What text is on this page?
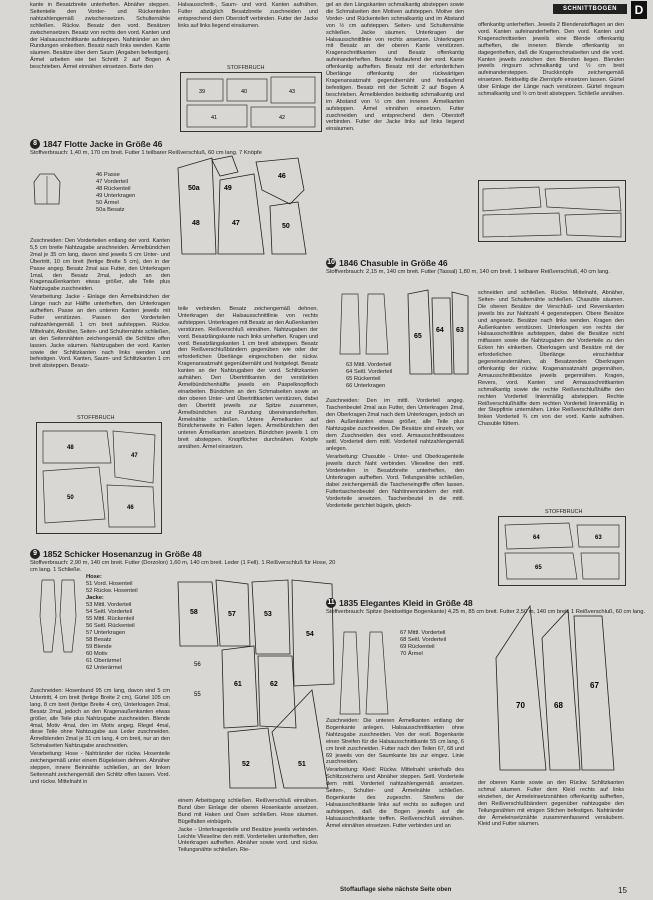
SCHNITTBOGEN	D

kante in Besatzbreite unterheften. Abnäher steppen. Seitenteile den Vorder- und Rückenteilen nahtzahlengemäß zwischensetzen. Schulternähte schließen. Rückw. Besatz den vord. Besätzen zwischensetzen. Besatz von rechts den vord. Kanten und der Halsausschnittkante aufsteppen. Nahtränder an den Rundungen einkerben. Besatz nach links wenden. Kante säumen. Besätze über dem Saum (Angaben befestigen). Ärmel arbeiten wie bei Schnitt 2 auf Bogen A beschrieben. Ärmel einnähen einsetzen. Borte den

8 1847 Flotte Jacke in Größe 46
Stoffverbrauch: 1,40 m, 170 cm breit. Futter 1 teilbarer Reißverschluß, 60 cm lang. 7 Knöpfe
46 Passe
47 Vorderteil
48 Rückenteil
49 Unterkragen
50 Ärmel
50a Besatz
50a	49
48	47
46
50

Zuschneiden: Den Vorderteilen entlang der vord. Kanten 5,5 cm breite Nahtzugabe anschneiden. Ärmelbündchen 2mal je 35 cm lang, davon sind jeweils 5 cm Unter- und Übertritt, 10 cm breit (fertige Breite 5 cm), den in der Passe angeg. Besatz 2mal aus Futter, den Unterkragen 1mal, den Besatz 2mal, jedoch an den Kragenaußenkanten etwas größer, alle Teile plus Nahtzugabe zuschneiden.

Verarbeitung: Jacke - Einlage den Ärmelbündchen der Länge nach zur Hälfte unterheften, den Unterkragen aufheften. Passe an den unteren Kanten jeweils mit Futter verstürzen. Passen den Vorderteilen nahtzahlengemäß 1 cm breit aufsteppen. Rückw. Mittelnaht, Abnäher, Seiten- und Schulternähte schließen, an den Seitennähten zeichengemäß die Schlitze offen lassen. Jacke säumen. Nahtzugaben der vord. Kanten sowie der Schlitzkanten nach links wenden und befestigen. Vord. Kanten, Saum- und Schlitzkanten 1 cm breit absteppen. Besatz-

STOFFBRUCH
48
47
50
46
9 1852 Schicker Hosenanzug in Größe 48
Stoffverbrauch: 2,90 m, 140 cm breit. Futter (Dorzolon) 1,60 m, 140 cm breit. Leder (1 Fell). 1 Reißverschluß für Hose, 20 cm lang. 1 Schließe.
Hose:
51 Vord. Hosenteil
52 Rückw. Hosenteil
Jacke:
53 Mittl. Vorderteil
54 Seitl. Vorderteil
55 Mittl. Rückenteil
56 Seitl. Rückenteil
57 Unterkragen
58 Besatz
59 Blende
60 Motiv
61 Oberärmel
62 Unterärmel

Zuschneiden: Hosenbund 95 cm lang, davon sind 5 cm Untertritt, 4 cm breit (fertige Breite 2 cm), Gürtel 105 cm lang, 8 cm breit (fertige Breite 4 cm), Unterkragen 2mal, Besatz 2mal, jedoch an den Kragenaußenkanten etwas größer, alle Teile plus Nahtzugabe zuschneiden. Blende 4mal, Motiv 4mal, den im Motiv angeg. Riegel 4mal, diese Teile ohne Nahtzugabe aus Leder zuschneiden. Ärmelblenden 2mal je 31 cm lang, 4 cm breit, nur an den Schmalseiten Nahtzugabe anschneiden.

Verarbeitung: Hose - Nahtränder der rückw. Hosenteile zeichengemäß unter einem Bügeleisen dehnen. Abnäher steppen, innere Beinnähte schließen, an der linken Seitennaht zeichengemäß den Schlitz offen lassen. Vord. und rückw. Mittelnaht in

Halsausschnitt-, Saum- und vord. Kanten aufnähen. Futter abzüglich Besatzbreite zuschneiden und entsprechend dem Oberstoff verbinden. Futter der Jacke links auf links liegend einsäumen.

STOFFBRUCH
39	40	43
41	42

teile verbinden. Besatz zeichengemäß dehnen. Unterkragen der Halsausschnittlinie von rechts aufsteppen. Unterkragen mit Besatz an den Außenkanten verstürzen. Reißverschluß einnähen. Nahtzugaben der vord. Besatzlängskante nach links umheften. Kragen und vord. Besatzlängskanten 1 cm breit absteppen. Besatz den Reißverschlußbändern gegenüben wie oder der erforderlichen Überlänge eingeschoben der rückw. Kragenansatznaht gegenübernäht und festgelegt. Besatz kanten an der Nahtzugaben der vord. Schlitzkanten aufnähen. Den Übertrittkanten der verstärkten Ärmelbündchenhälfte jeweils ein Paspelknopfloch einarbeiten. Bündchen an den Schmalseiten sowie an den oberen Unter- und Übertrittkanten verstürzen, dabei den Übertritt jeweils zur Spitze zusammen, Ärmelbündchen zur Rundung übereinanderheften. Ärmelnähte schließen. Untere Ärmelkanten auf Bündchenweite in Falten legen. Ärmelbündchen den unteren Ärmelkanten ansetzen. Bündchen jeweils 1 cm breit absteppen. Knopflöcher durchnähen. Knöpfe annähen. Ärmel einsetzen.

58	57	53
54
61	62
52	51
56
55

einem Arbeitsgang schließen. Reißverschluß einnähen. Bund über Einlage der oberen Hosenkante ansetzen. Bund mit Haken und Ösen schließen. Hose säumen. Bügelfalten einbügeln.

Jacke - Unterkragenteile und Besätze jeweils verbinden. Leichte Vlieseline den mittl. Vorderteilen unterheften, den Unterkragen aufheften. Abnäher sowie vord. und rückw. Teilungsnähte schließen. Rie-

gel an den Längskanten schmalkantig absteppen sowie die Schmalseiten den Motiven aufsteppen. Motive den Vorder- und Rückenteilen schmalkantig und im Abstand von ½ cm aufsteppen. Seiten- und Schulternähte schließen. Jacke säumen. Unterkragen der Halsausschnittlinie von rechts ansetzen. Unterkragen mit Besatz an der oberen Kante verstürzen. Kragenschnittkanten und Besatz offenkantig aufeinanderheften. Besatz festlaufend der vord. Kante offenkantig aufheften. Besatz mit der erforderlichen Überlänge offenkantig der rückwärtigen Kragenansatznaht gegenübernäht und festlaufend befestigen. Besatz mit der Schnitt 2 auf Bogen A beschrieben. Ärmelblenden beidseitig schmalkantig und im Abstand von ½ cm den inneren Ärmelkanten aufsteppen. Ärmel einnähen einsetzen. Futter zuschneiden und entsprechend dem Oberstoff verbinden. Futter der Jacke links auf links liegend einsäumen.

10 1846 Chasuble in Größe 46
Stoffverbrauch: 2,15 m, 140 cm breit. Futter (Tassal) 1,80 m, 140 cm breit. 1 teilbarer Reißverschluß, 40 cm lang.
65
64 63
63 Mittl. Vorderteil
64 Seitl. Vorderteil
65 Rückenteil
66 Unterkragen

Zuschneiden: Den im mittl. Vorderteil angeg. Taschenbeutel 2mal aus Futter, den Unterkragen 2mal, den Oberkragen 2mal nach dem Unterkragen, jedoch an den Außenkanten etwas größer, alle Teile plus Nahtzugabe zuschneiden. Die Besätze sind einzeln, vor dem Zuschneiden des vord. Armausschnittbesatzes seitl. Vorderteil dem mittl. Vorderteil nahtzahlengemäß anlegen.

Verarbeitung: Chasuble - Unter- und Oberkragenteile jeweils durch Naht verbinden. Vlieseline den mittl. Vorderteilen in Besatzbreite unterheften, den Unterkragen aufheften. Vord. Teilungsnähte schließen, dabei zeichengemäß die Tascheneingriffe offen lassen. Futtertaschenbeutel den Nahtinnenrändern der mittl. Vorderteile ansetzen. Taschenbeutel in die mittl. Vorderteile gerichtet bügeln, gleich-

11 1835 Elegantes Kleid in Größe 48
Stoffverbrauch: Spitze (beidseitige Bogenkante) 4,25 m, 85 cm breit. Futter 2,50 m, 140 cm breit. 1 Reißverschluß, 60 cm lang.
67 Mittl. Vorderteil
68 Seitl. Vorderteil
69 Rückenteil
70 Ärmel

Zuschneiden: Die unteren Ärmelkanten entlang der Bogenkante anlegen. Halsausschnittkanten ohne Nahtzugabe zuschneiden. Von der restl. Bogenkante einen Streifen für die Halsausschnittkante 55 cm lang, 6 cm breit zuschneiden. Futter nach den Teilen 67, 68 und 69 jeweils von der Saumkante bis zur eingez. Linie zuschneiden.

Verarbeitung: Kleid: Rückw. Mittelnaht unterhalb des Schlitzzeichens und Abnäher steppen. Seitl. Vorderteile dem mittl. Vorderteil nahtzahlengemäß ansetzen. Seiten-, Schulter- und Ärmelnähte schließen. Bogenkante des zugeschn. Streifens der Halsausschnittkante links auf rechts so auflegen und aufsteppen, daß die Bogen jeweils auf die Halsausschnittkante treffen. Reißverschluß einnähen. Ärmel einnähen einsetzen. Futter verbinden und an

offenkantig unterheften. Jeweils 2 Blendenstoffiagen an den vord. Kanten aufeinanderheften. Den vord. Kanten und Kragenschnittseiten jeweils eine Blende offenkantig aufheften, die inneren Blende offenkantig so dagegenheften, daß die Kragenschmalseiten und die vord. Kanten jeweils zwischen den Blenden liegen. Blenden jeweils ringsum schmalkantig und ½ cm breit aufeinandersteppen. Druckknöpfe zeichengemäß einsetzen. Beidseitig die Ziernöpfe einsetzen lassen. Gürtel über Einlage der Länge nach verstürzen. Gürtel ringsum schmalkantig und ½ cm breit absteppen. Schließe annähen.

schneiden und schließen. Rückw. Mittelnaht, Abnäher, Seiten- und Schulternähte schließen. Chasuble säumen. Die oberen Besätze der Verschluß- und Reverskanten jeweils bis zur Nahtzahl 4 gegensteppen. Obere Besätze und angesetz. Besätze nach links wenden. Kragen den Außenkanten verstürzen. Unterkragen von rechts der Halsausschnittlinie aufsteppen, dabei die Besätze nicht mitfassen sowie die Nahtzugaben der Vorderteile zu den Ecken hin einkerben. Oberkragen und Besätze mit der erforderlichen Überlänge einschiebbar gegeneinandernähen, ab Besatzenden Oberkragen offenkantig der rückw. Kragenansatznaht gegennähen, Armausschnittbesätze jeweils gegennähen. Kragen, Revers, vord. Kanten und Armausschnittkanten schmalkantig sowie die rechte Reißverschlußhälfte den rechten Vorderteil linienmäßig absteppen. Rechte Reißverschlußhälfte dem rechten Vorderteil linienmäßig in der Steppfinie unternähen. Linke Reißverschlußhälfte dem linken Vorderteil ¾ cm von der vord. Kante aufnähen. Chasuble füttern.

STOFFBRUCH
64	63
65
70	68
67

der oberen Kante sowie an den Rückw. Schlitzkanten schmal säumen. Futter dem Kleid rechts auf links einziehen, der Armeleinsetzsnähten offenkantig aufheften, den Reißverschlußbändern gegenüber nahtzugabe den Teilungsnähten mit einigen Stichen befestigen. Nahtränder der Ärmeleinsetznähte zusammenfassend versäubern. Kleid und Futter säumen.

Stoffauflage siehe nächste Seite oben	15
